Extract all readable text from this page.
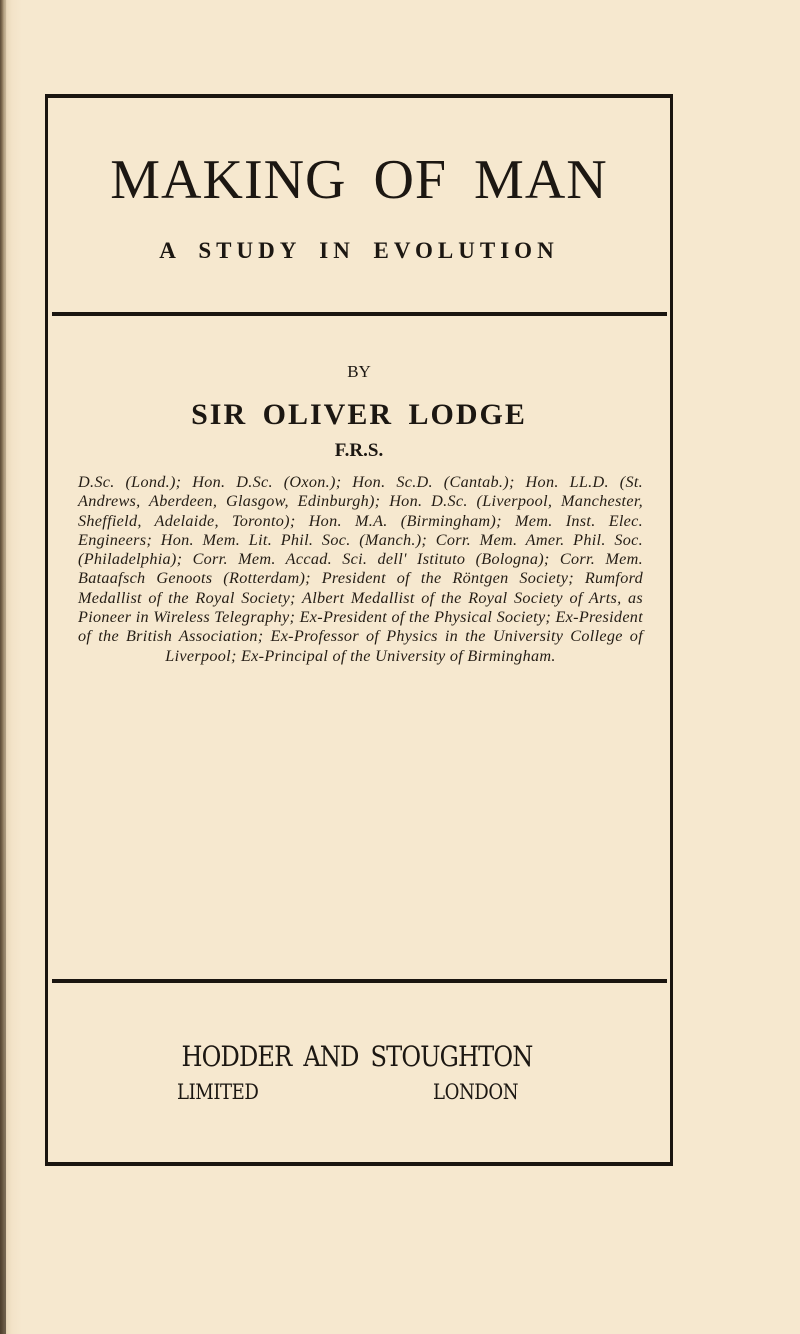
MAKING OF MAN
A STUDY IN EVOLUTION
BY
SIR OLIVER LODGE
F.R.S.
D.Sc. (Lond.); Hon. D.Sc. (Oxon.); Hon. Sc.D. (Cantab.); Hon. LL.D. (St. Andrews, Aberdeen, Glasgow, Edinburgh); Hon. D.Sc. (Liverpool, Manchester, Sheffield, Adelaide, Toronto); Hon. M.A. (Birmingham); Mem. Inst. Elec. Engineers; Hon. Mem. Lit. Phil. Soc. (Manch.); Corr. Mem. Amer. Phil. Soc. (Philadelphia); Corr. Mem. Accad. Sci. dell' Istituto (Bologna); Corr. Mem. Bataafsch Genoots (Rotterdam); President of the Röntgen Society; Rumford Medallist of the Royal Society; Albert Medallist of the Royal Society of Arts, as Pioneer in Wireless Telegraphy; Ex-President of the Physical Society; Ex-President of the British Association; Ex-Professor of Physics in the University College of Liverpool; Ex-Principal of the University of Birmingham.
HODDER AND STOUGHTON
LIMITED	LONDON
